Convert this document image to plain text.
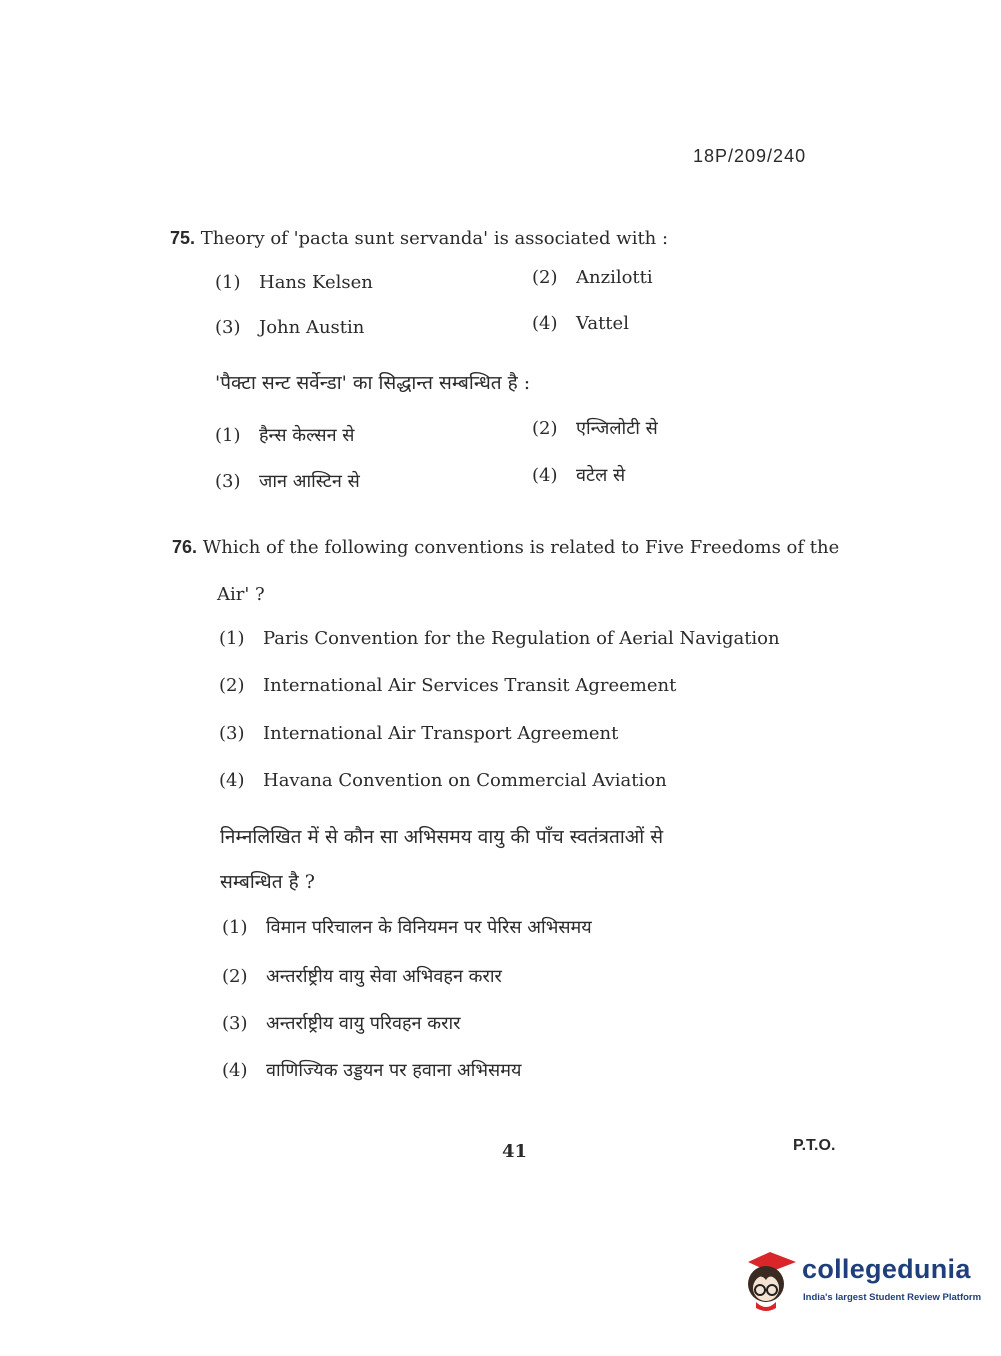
18P/209/240
75. Theory of 'pacta sunt servanda' is associated with :
(1) Hans Kelsen	(2) Anzilotti
(3) John Austin	(4) Vattel
'पैक्टा सन्ट सर्वेन्डा' का सिद्धान्त सम्बन्धित है :
(1) हैन्स केल्सन से	(2) एन्जिलोटी से
(3) जान आस्टिन से	(4) वटेल से
76. Which of the following conventions is related to Five Freedoms of the
Air' ?
(1) Paris Convention for the Regulation of Aerial Navigation
(2) International Air Services Transit Agreement
(3) International Air Transport Agreement
(4) Havana Convention on Commercial Aviation
निम्नलिखित में से कौन सा अभिसमय वायु की पाँच स्वतंत्रताओं से
सम्बन्धित है ?
(1) विमान परिचालन के विनियमन पर पेरिस अभिसमय
(2) अन्तर्राष्ट्रीय वायु सेवा अभिवहन करार
(3) अन्तर्राष्ट्रीय वायु परिवहन करार
(4) वाणिज्यिक उड्डयन पर हवाना अभिसमय
41	P.T.O.
collegedunia
India's largest Student Review Platform
